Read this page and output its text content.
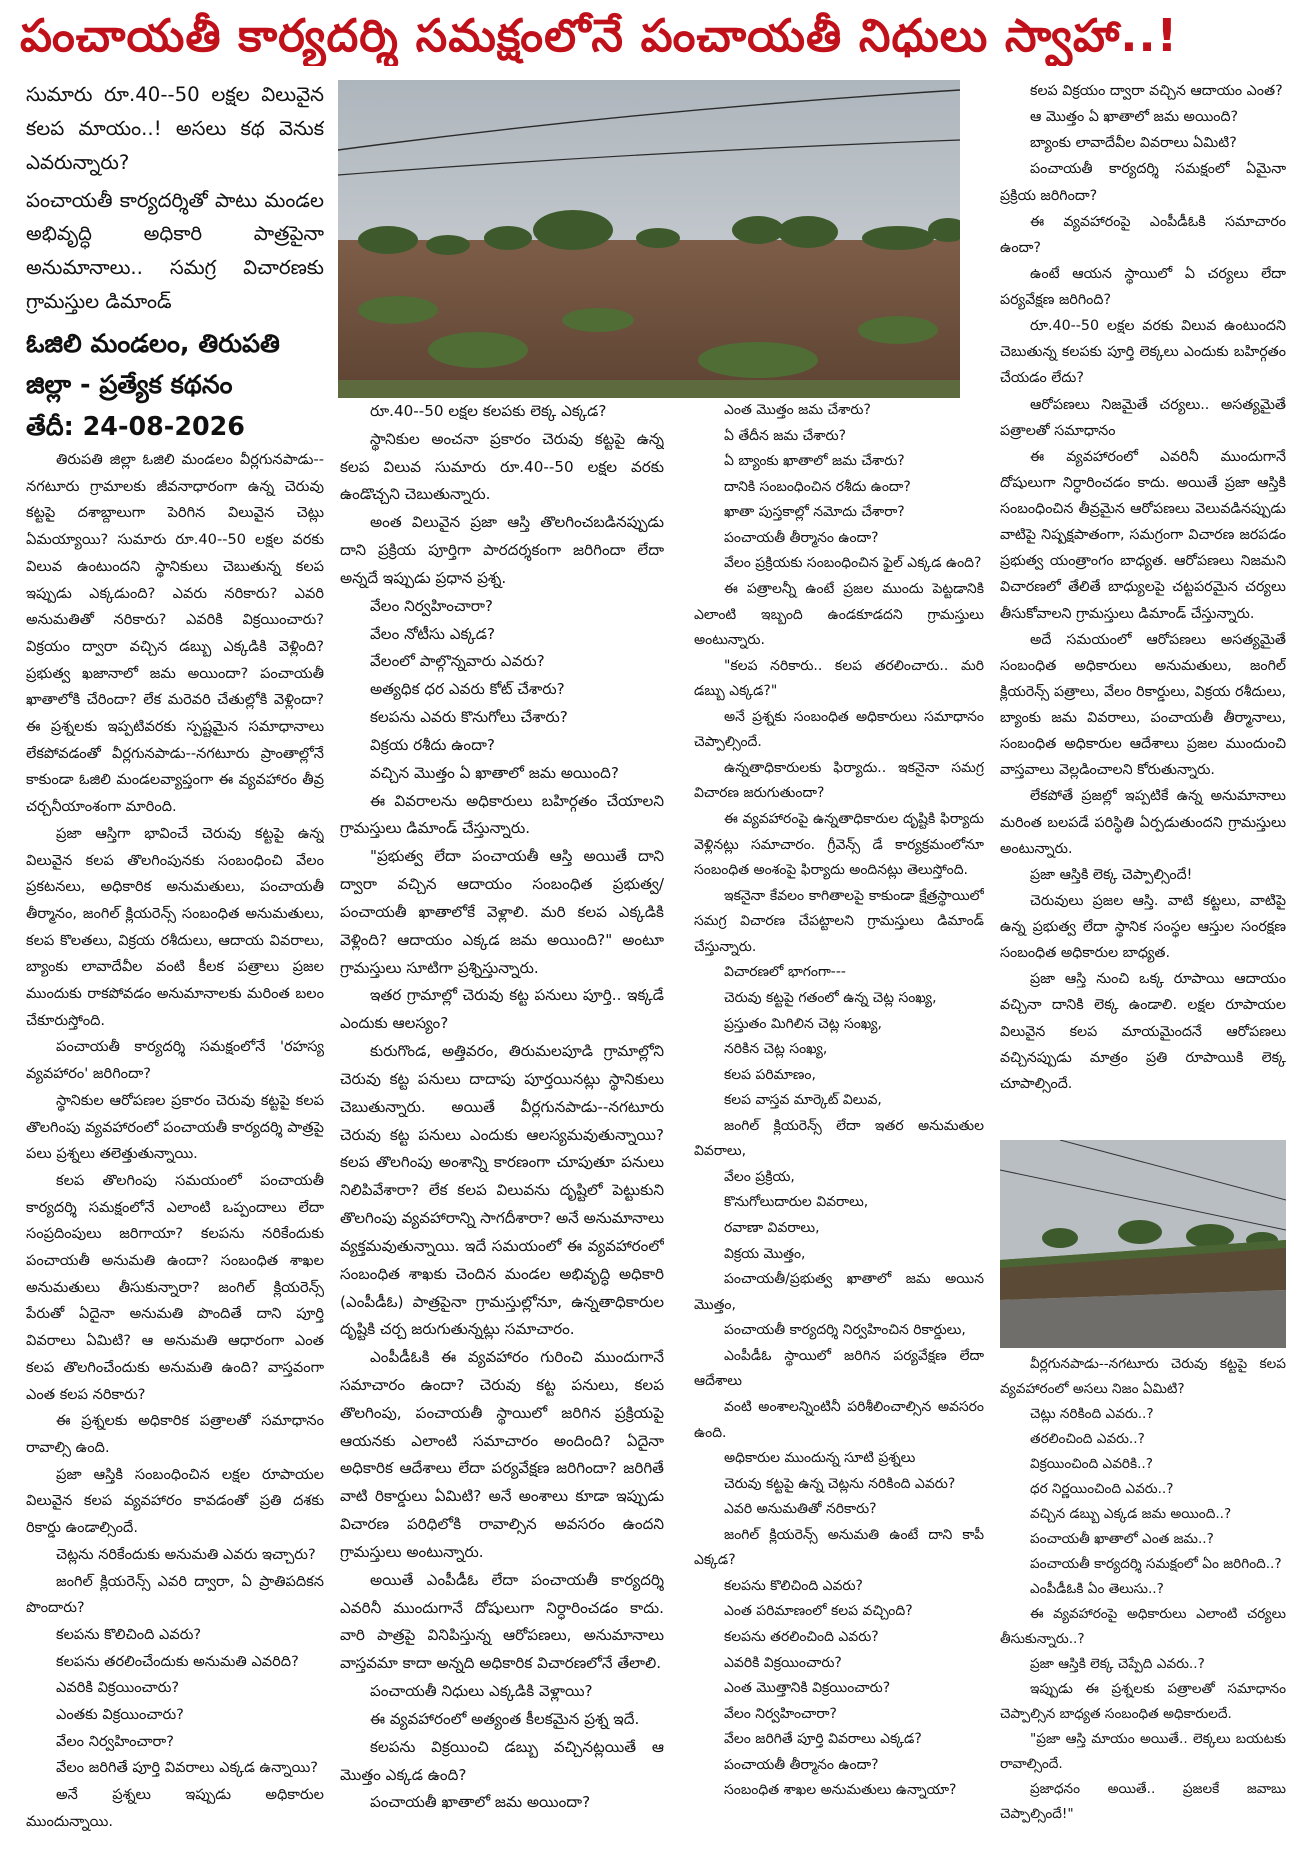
పంచాయతీ కార్యదర్శి సమక్షంలోనే పంచాయతీ నిధులు స్వాహా..!

సుమారు రూ.40--50 లక్షల విలువైన కలప మాయం..! అసలు కథ వెనుక ఎవరున్నారు?

పంచాయతీ కార్యదర్శితో పాటు మండల అభివృద్ధి అధికారి పాత్రపైనా అనుమానాలు.. సమగ్ర విచారణకు గ్రామస్తుల డిమాండ్

ఓజిలి మండలం, తిరుపతి జిల్లా - ప్రత్యేక కథనం

తేదీ: 24-08-2026

తిరుపతి జిల్లా ఓజిలి మండలం వీర్లగునపాడు--నగటూరు గ్రామాలకు జీవనాధారంగా ఉన్న చెరువు కట్టపై దశాబ్దాలుగా పెరిగిన విలువైన చెట్లు ఏమయ్యాయి? సుమారు రూ.40--50 లక్షల వరకు విలువ ఉంటుందని స్థానికులు చెబుతున్న కలప ఇప్పుడు ఎక్కడుంది? ఎవరు నరికారు? ఎవరి అనుమతితో నరికారు? ఎవరికి విక్రయించారు? విక్రయం ద్వారా వచ్చిన డబ్బు ఎక్కడికి వెళ్లింది? ప్రభుత్వ ఖజానాలో జమ అయిందా? పంచాయతీ ఖాతాలోకి చేరిందా? లేక మరెవరి చేతుల్లోకి వెళ్లిందా? ఈ ప్రశ్నలకు ఇప్పటివరకు స్పష్టమైన సమాధానాలు లేకపోవడంతో వీర్లగునపాడు--నగటూరు ప్రాంతాల్లోనే కాకుండా ఓజిలి మండలవ్యాప్తంగా ఈ వ్యవహారం తీవ్ర చర్చనీయాంశంగా మారింది.

ప్రజా ఆస్తిగా భావించే చెరువు కట్టపై ఉన్న విలువైన కలప తొలగింపునకు సంబంధించి వేలం ప్రకటనలు, అధికారిక అనుమతులు, పంచాయతీ తీర్మానం, జంగిల్ క్లియరెన్స్ సంబంధిత అనుమతులు, కలప కొలతలు, విక్రయ రశీదులు, ఆదాయ వివరాలు, బ్యాంకు లావాదేవీల వంటి కీలక పత్రాలు ప్రజల ముందుకు రాకపోవడం అనుమానాలకు మరింత బలం చేకూరుస్తోంది.

పంచాయతీ కార్యదర్శి సమక్షంలోనే 'రహస్య వ్యవహారం' జరిగిందా?

స్థానికుల ఆరోపణల ప్రకారం చెరువు కట్టపై కలప తొలగింపు వ్యవహారంలో పంచాయతీ కార్యదర్శి పాత్రపై పలు ప్రశ్నలు తలెత్తుతున్నాయి.

కలప తొలగింపు సమయంలో పంచాయతీ కార్యదర్శి సమక్షంలోనే ఎలాంటి ఒప్పందాలు లేదా సంప్రదింపులు జరిగాయా? కలపను నరికేందుకు పంచాయతీ అనుమతి ఉందా? సంబంధిత శాఖల అనుమతులు తీసుకున్నారా? జంగిల్ క్లియరెన్స్ పేరుతో ఏదైనా అనుమతి పొందితే దాని పూర్తి వివరాలు ఏమిటి? ఆ అనుమతి ఆధారంగా ఎంత కలప తొలగించేందుకు అనుమతి ఉంది? వాస్తవంగా ఎంత కలప నరికారు?

ఈ ప్రశ్నలకు అధికారిక పత్రాలతో సమాధానం రావాల్సి ఉంది.

ప్రజా ఆస్తికి సంబంధించిన లక్షల రూపాయల విలువైన కలప వ్యవహారం కావడంతో ప్రతి దశకు రికార్డు ఉండాల్సిందే.

చెట్లను నరికేందుకు అనుమతి ఎవరు ఇచ్చారు?

జంగిల్ క్లియరెన్స్ ఎవరి ద్వారా, ఏ ప్రాతిపదికన పొందారు?

కలపను కొలిచింది ఎవరు?

కలపను తరలించేందుకు అనుమతి ఎవరిది?

ఎవరికి విక్రయించారు?

ఎంతకు విక్రయించారు?

వేలం నిర్వహించారా?

వేలం జరిగితే పూర్తి వివరాలు ఎక్కడ ఉన్నాయి?

అనే ప్రశ్నలు ఇప్పుడు అధికారుల ముందున్నాయి.

రూ.40--50 లక్షల కలపకు లెక్క ఎక్కడ?

స్థానికుల అంచనా ప్రకారం చెరువు కట్టపై ఉన్న కలప విలువ సుమారు రూ.40--50 లక్షల వరకు ఉండొచ్చని చెబుతున్నారు.

అంత విలువైన ప్రజా ఆస్తి తొలగించబడినప్పుడు దాని ప్రక్రియ పూర్తిగా పారదర్శకంగా జరిగిందా లేదా అన్నదే ఇప్పుడు ప్రధాన ప్రశ్న.

వేలం నిర్వహించారా?

వేలం నోటీసు ఎక్కడ?

వేలంలో పాల్గొన్నవారు ఎవరు?

అత్యధిక ధర ఎవరు కోట్ చేశారు?

కలపను ఎవరు కొనుగోలు చేశారు?

విక్రయ రశీదు ఉందా?

వచ్చిన మొత్తం ఏ ఖాతాలో జమ అయింది?

ఈ వివరాలను అధికారులు బహిర్గతం చేయాలని గ్రామస్తులు డిమాండ్ చేస్తున్నారు.

"ప్రభుత్వ లేదా పంచాయతీ ఆస్తి అయితే దాని ద్వారా వచ్చిన ఆదాయం సంబంధిత ప్రభుత్వ/పంచాయతీ ఖాతాలోకే వెళ్లాలి. మరి కలప ఎక్కడికి వెళ్లింది? ఆదాయం ఎక్కడ జమ అయింది?" అంటూ గ్రామస్తులు సూటిగా ప్రశ్నిస్తున్నారు.

ఇతర గ్రామాల్లో చెరువు కట్ట పనులు పూర్తి.. ఇక్కడే ఎందుకు ఆలస్యం?

కురుగొండ, అత్తివరం, తిరుమలపూడి గ్రామాల్లోని చెరువు కట్ట పనులు దాదాపు పూర్తయినట్లు స్థానికులు చెబుతున్నారు. అయితే వీర్లగునపాడు--నగటూరు చెరువు కట్ట పనులు ఎందుకు ఆలస్యమవుతున్నాయి? కలప తొలగింపు అంశాన్ని కారణంగా చూపుతూ పనులు నిలిపివేశారా? లేక కలప విలువను దృష్టిలో పెట్టుకుని తొలగింపు వ్యవహారాన్ని సాగదీశారా? అనే అనుమానాలు వ్యక్తమవుతున్నాయి. ఇదే సమయంలో ఈ వ్యవహారంలో సంబంధిత శాఖకు చెందిన మండల అభివృద్ధి అధికారి (ఎంపీడీఓ) పాత్రపైనా గ్రామస్తుల్లోనూ, ఉన్నతాధికారుల దృష్టికి చర్చ జరుగుతున్నట్లు సమాచారం.

ఎంపీడీఓకి ఈ వ్యవహారం గురించి ముందుగానే సమాచారం ఉందా? చెరువు కట్ట పనులు, కలప తొలగింపు, పంచాయతీ స్థాయిలో జరిగిన ప్రక్రియపై ఆయనకు ఎలాంటి సమాచారం అందింది? ఏదైనా అధికారిక ఆదేశాలు లేదా పర్యవేక్షణ జరిగిందా? జరిగితే వాటి రికార్డులు ఏమిటి? అనే అంశాలు కూడా ఇప్పుడు విచారణ పరిధిలోకి రావాల్సిన అవసరం ఉందని గ్రామస్తులు అంటున్నారు.

అయితే ఎంపీడీఓ లేదా పంచాయతీ కార్యదర్శి ఎవరినీ ముందుగానే దోషులుగా నిర్ధారించడం కాదు. వారి పాత్రపై వినిపిస్తున్న ఆరోపణలు, అనుమానాలు వాస్తవమా కాదా అన్నది అధికారిక విచారణలోనే తేలాలి.

పంచాయతీ నిధులు ఎక్కడికి వెళ్లాయి?

ఈ వ్యవహారంలో అత్యంత కీలకమైన ప్రశ్న ఇదే.

కలపను విక్రయించి డబ్బు వచ్చినట్లయితే ఆ మొత్తం ఎక్కడ ఉంది?

పంచాయతీ ఖాతాలో జమ అయిందా?

ఎంత మొత్తం జమ చేశారు?

ఏ తేదీన జమ చేశారు?

ఏ బ్యాంకు ఖాతాలో జమ చేశారు?

దానికి సంబంధించిన రశీదు ఉందా?

ఖాతా పుస్తకాల్లో నమోదు చేశారా?

పంచాయతీ తీర్మానం ఉందా?

వేలం ప్రక్రియకు సంబంధించిన ఫైల్ ఎక్కడ ఉంది?

ఈ పత్రాలన్నీ ఉంటే ప్రజల ముందు పెట్టడానికి ఎలాంటి ఇబ్బంది ఉండకూడదని గ్రామస్తులు అంటున్నారు.

"కలప నరికారు.. కలప తరలించారు.. మరి డబ్బు ఎక్కడ?"

అనే ప్రశ్నకు సంబంధిత అధికారులు సమాధానం చెప్పాల్సిందే.

ఉన్నతాధికారులకు ఫిర్యాదు.. ఇకనైనా సమగ్ర విచారణ జరుగుతుందా?

ఈ వ్యవహారంపై ఉన్నతాధికారుల దృష్టికి ఫిర్యాదు వెళ్లినట్లు సమాచారం. గ్రీవెన్స్ డే కార్యక్రమంలోనూ సంబంధిత అంశంపై ఫిర్యాదు అందినట్లు తెలుస్తోంది.

ఇకనైనా కేవలం కాగితాలపై కాకుండా క్షేత్రస్థాయిలో సమగ్ర విచారణ చేపట్టాలని గ్రామస్తులు డిమాండ్ చేస్తున్నారు.

విచారణలో భాగంగా---

చెరువు కట్టపై గతంలో ఉన్న చెట్ల సంఖ్య,

ప్రస్తుతం మిగిలిన చెట్ల సంఖ్య,

నరికిన చెట్ల సంఖ్య,

కలప పరిమాణం,

కలప వాస్తవ మార్కెట్ విలువ,

జంగిల్ క్లియరెన్స్ లేదా ఇతర అనుమతుల వివరాలు,

వేలం ప్రక్రియ,

కొనుగోలుదారుల వివరాలు,

రవాణా వివరాలు,

విక్రయ మొత్తం,

పంచాయతీ/ప్రభుత్వ ఖాతాలో జమ అయిన మొత్తం,

పంచాయతీ కార్యదర్శి నిర్వహించిన రికార్డులు,

ఎంపీడీఓ స్థాయిలో జరిగిన పర్యవేక్షణ లేదా ఆదేశాలు

వంటి అంశాలన్నింటినీ పరిశీలించాల్సిన అవసరం ఉంది.

అధికారుల ముందున్న సూటి ప్రశ్నలు

చెరువు కట్టపై ఉన్న చెట్లను నరికింది ఎవరు?

ఎవరి అనుమతితో నరికారు?

జంగిల్ క్లియరెన్స్ అనుమతి ఉంటే దాని కాపీ ఎక్కడ?

కలపను కొలిచింది ఎవరు?

ఎంత పరిమాణంలో కలప వచ్చింది?

కలపను తరలించింది ఎవరు?

ఎవరికి విక్రయించారు?

ఎంత మొత్తానికి విక్రయించారు?

వేలం నిర్వహించారా?

వేలం జరిగితే పూర్తి వివరాలు ఎక్కడ?

పంచాయతీ తీర్మానం ఉందా?

సంబంధిత శాఖల అనుమతులు ఉన్నాయా?

కలప విక్రయం ద్వారా వచ్చిన ఆదాయం ఎంత?

ఆ మొత్తం ఏ ఖాతాలో జమ అయింది?

బ్యాంకు లావాదేవీల వివరాలు ఏమిటి?

పంచాయతీ కార్యదర్శి సమక్షంలో ఏమైనా ప్రక్రియ జరిగిందా?

ఈ వ్యవహారంపై ఎంపీడీఓకి సమాచారం ఉందా?

ఉంటే ఆయన స్థాయిలో ఏ చర్యలు లేదా పర్యవేక్షణ జరిగింది?

రూ.40--50 లక్షల వరకు విలువ ఉంటుందని చెబుతున్న కలపకు పూర్తి లెక్కలు ఎందుకు బహిర్గతం చేయడం లేదు?

ఆరోపణలు నిజమైతే చర్యలు.. అసత్యమైతే పత్రాలతో సమాధానం

ఈ వ్యవహారంలో ఎవరినీ ముందుగానే దోషులుగా నిర్ధారించడం కాదు. అయితే ప్రజా ఆస్తికి సంబంధించిన తీవ్రమైన ఆరోపణలు వెలువడినప్పుడు వాటిపై నిష్పక్షపాతంగా, సమగ్రంగా విచారణ జరపడం ప్రభుత్వ యంత్రాంగం బాధ్యత. ఆరోపణలు నిజమని విచారణలో తేలితే బాధ్యులపై చట్టపరమైన చర్యలు తీసుకోవాలని గ్రామస్తులు డిమాండ్ చేస్తున్నారు.

అదే సమయంలో ఆరోపణలు అసత్యమైతే సంబంధిత అధికారులు అనుమతులు, జంగిల్ క్లియరెన్స్ పత్రాలు, వేలం రికార్డులు, విక్రయ రశీదులు, బ్యాంకు జమ వివరాలు, పంచాయతీ తీర్మానాలు, సంబంధిత అధికారుల ఆదేశాలు ప్రజల ముందుంచి వాస్తవాలు వెల్లడించాలని కోరుతున్నారు.

లేకపోతే ప్రజల్లో ఇప్పటికే ఉన్న అనుమానాలు మరింత బలపడే పరిస్థితి ఏర్పడుతుందని గ్రామస్తులు అంటున్నారు.

ప్రజా ఆస్తికి లెక్క చెప్పాల్సిందే!

చెరువులు ప్రజల ఆస్తి. వాటి కట్టలు, వాటిపై ఉన్న ప్రభుత్వ లేదా స్థానిక సంస్థల ఆస్తుల సంరక్షణ సంబంధిత అధికారుల బాధ్యత.

ప్రజా ఆస్తి నుంచి ఒక్క రూపాయి ఆదాయం వచ్చినా దానికి లెక్క ఉండాలి. లక్షల రూపాయల విలువైన కలప మాయమైందనే ఆరోపణలు వచ్చినప్పుడు మాత్రం ప్రతి రూపాయికి లెక్క చూపాల్సిందే.

వీర్లగునపాడు--నగటూరు చెరువు కట్టపై కలప వ్యవహారంలో అసలు నిజం ఏమిటి?

చెట్లు నరికింది ఎవరు..?

తరలించింది ఎవరు..?

విక్రయించింది ఎవరికి..?

ధర నిర్ణయించింది ఎవరు..?

వచ్చిన డబ్బు ఎక్కడ జమ అయింది..?

పంచాయతీ ఖాతాలో ఎంత జమ..?

పంచాయతీ కార్యదర్శి సమక్షంలో ఏం జరిగింది..?

ఎంపీడీఓకి ఏం తెలుసు..?

ఈ వ్యవహారంపై అధికారులు ఎలాంటి చర్యలు తీసుకున్నారు..?

ప్రజా ఆస్తికి లెక్క చెప్పేది ఎవరు..?

ఇప్పుడు ఈ ప్రశ్నలకు పత్రాలతో సమాధానం చెప్పాల్సిన బాధ్యత సంబంధిత అధికారులదే.

"ప్రజా ఆస్తి మాయం అయితే.. లెక్కలు బయటకు రావాల్సిందే.

ప్రజాధనం అయితే.. ప్రజలకే జవాబు చెప్పాల్సిందే!"
